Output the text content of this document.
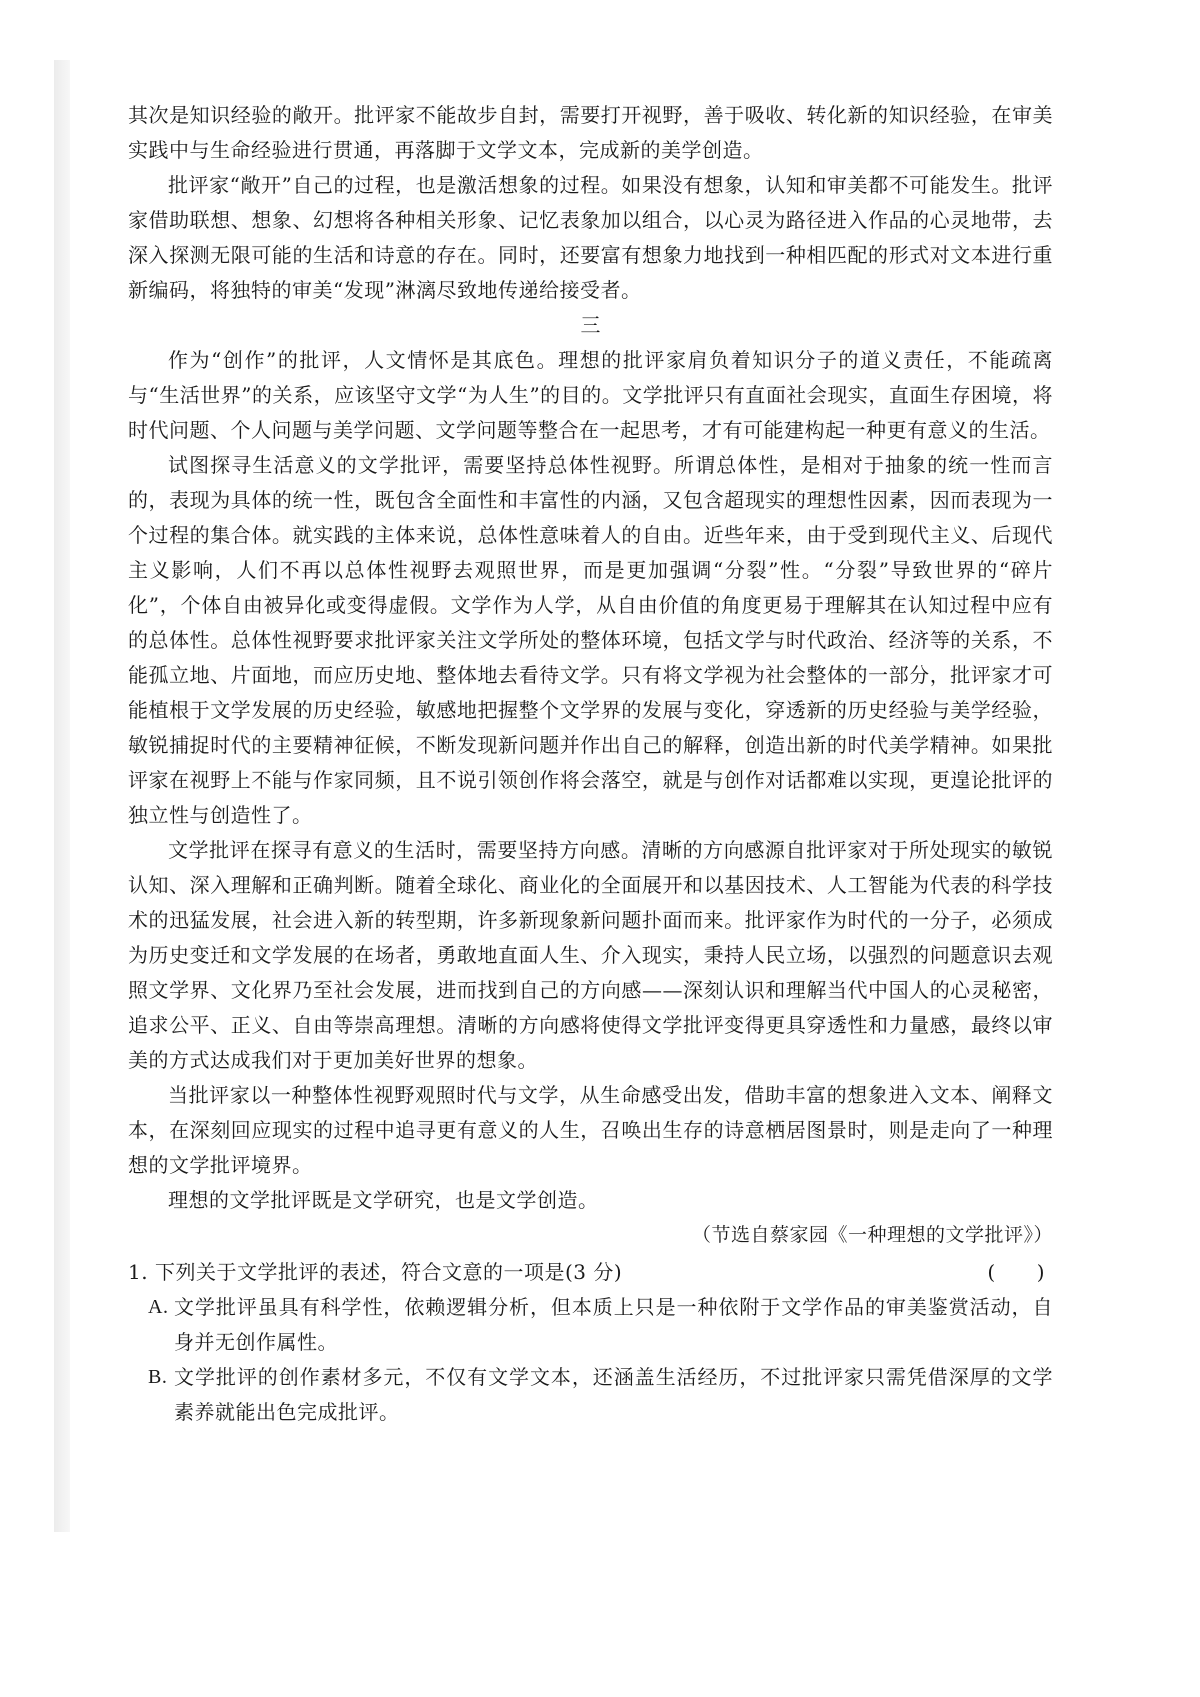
其次是知识经验的敞开。批评家不能故步自封，需要打开视野，善于吸收、转化新的知识经验，在审美实践中与生命经验进行贯通，再落脚于文学文本，完成新的美学创造。

批评家“敞开”自己的过程，也是激活想象的过程。如果没有想象，认知和审美都不可能发生。批评家借助联想、想象、幻想将各种相关形象、记忆表象加以组合，以心灵为路径进入作品的心灵地带，去深入探测无限可能的生活和诗意的存在。同时，还要富有想象力地找到一种相匹配的形式对文本进行重新编码，将独特的审美“发现”淋漓尽致地传递给接受者。

三

作为“创作”的批评，人文情怀是其底色。理想的批评家肩负着知识分子的道义责任，不能疏离与“生活世界”的关系，应该坚守文学“为人生”的目的。文学批评只有直面社会现实，直面生存困境，将时代问题、个人问题与美学问题、文学问题等整合在一起思考，才有可能建构起一种更有意义的生活。

试图探寻生活意义的文学批评，需要坚持总体性视野。所谓总体性，是相对于抽象的统一性而言的，表现为具体的统一性，既包含全面性和丰富性的内涵，又包含超现实的理想性因素，因而表现为一个过程的集合体。就实践的主体来说，总体性意味着人的自由。近些年来，由于受到现代主义、后现代主义影响，人们不再以总体性视野去观照世界，而是更加强调“分裂”性。“分裂”导致世界的“碎片化”，个体自由被异化或变得虚假。文学作为人学，从自由价值的角度更易于理解其在认知过程中应有的总体性。总体性视野要求批评家关注文学所处的整体环境，包括文学与时代政治、经济等的关系，不能孤立地、片面地，而应历史地、整体地去看待文学。只有将文学视为社会整体的一部分，批评家才可能植根于文学发展的历史经验，敏感地把握整个文学界的发展与变化，穿透新的历史经验与美学经验，敏锐捕捉时代的主要精神征候，不断发现新问题并作出自己的解释，创造出新的时代美学精神。如果批评家在视野上不能与作家同频，且不说引领创作将会落空，就是与创作对话都难以实现，更遑论批评的独立性与创造性了。

文学批评在探寻有意义的生活时，需要坚持方向感。清晰的方向感源自批评家对于所处现实的敏锐认知、深入理解和正确判断。随着全球化、商业化的全面展开和以基因技术、人工智能为代表的科学技术的迅猛发展，社会进入新的转型期，许多新现象新问题扑面而来。批评家作为时代的一分子，必须成为历史变迁和文学发展的在场者，勇敢地直面人生、介入现实，秉持人民立场，以强烈的问题意识去观照文学界、文化界乃至社会发展，进而找到自己的方向感——深刻认识和理解当代中国人的心灵秘密，追求公平、正义、自由等崇高理想。清晰的方向感将使得文学批评变得更具穿透性和力量感，最终以审美的方式达成我们对于更加美好世界的想象。

当批评家以一种整体性视野观照时代与文学，从生命感受出发，借助丰富的想象进入文本、阐释文本，在深刻回应现实的过程中追寻更有意义的人生，召唤出生存的诗意栖居图景时，则是走向了一种理想的文学批评境界。

理想的文学批评既是文学研究，也是文学创造。

（节选自蔡家园《一种理想的文学批评》）

1. 下列关于文学批评的表述，符合文意的一项是(3 分)	(　　)
A. 文学批评虽具有科学性，依赖逻辑分析，但本质上只是一种依附于文学作品的审美鉴赏活动，自身并无创作属性。
B. 文学批评的创作素材多元，不仅有文学文本，还涵盖生活经历，不过批评家只需凭借深厚的文学素养就能出色完成批评。
